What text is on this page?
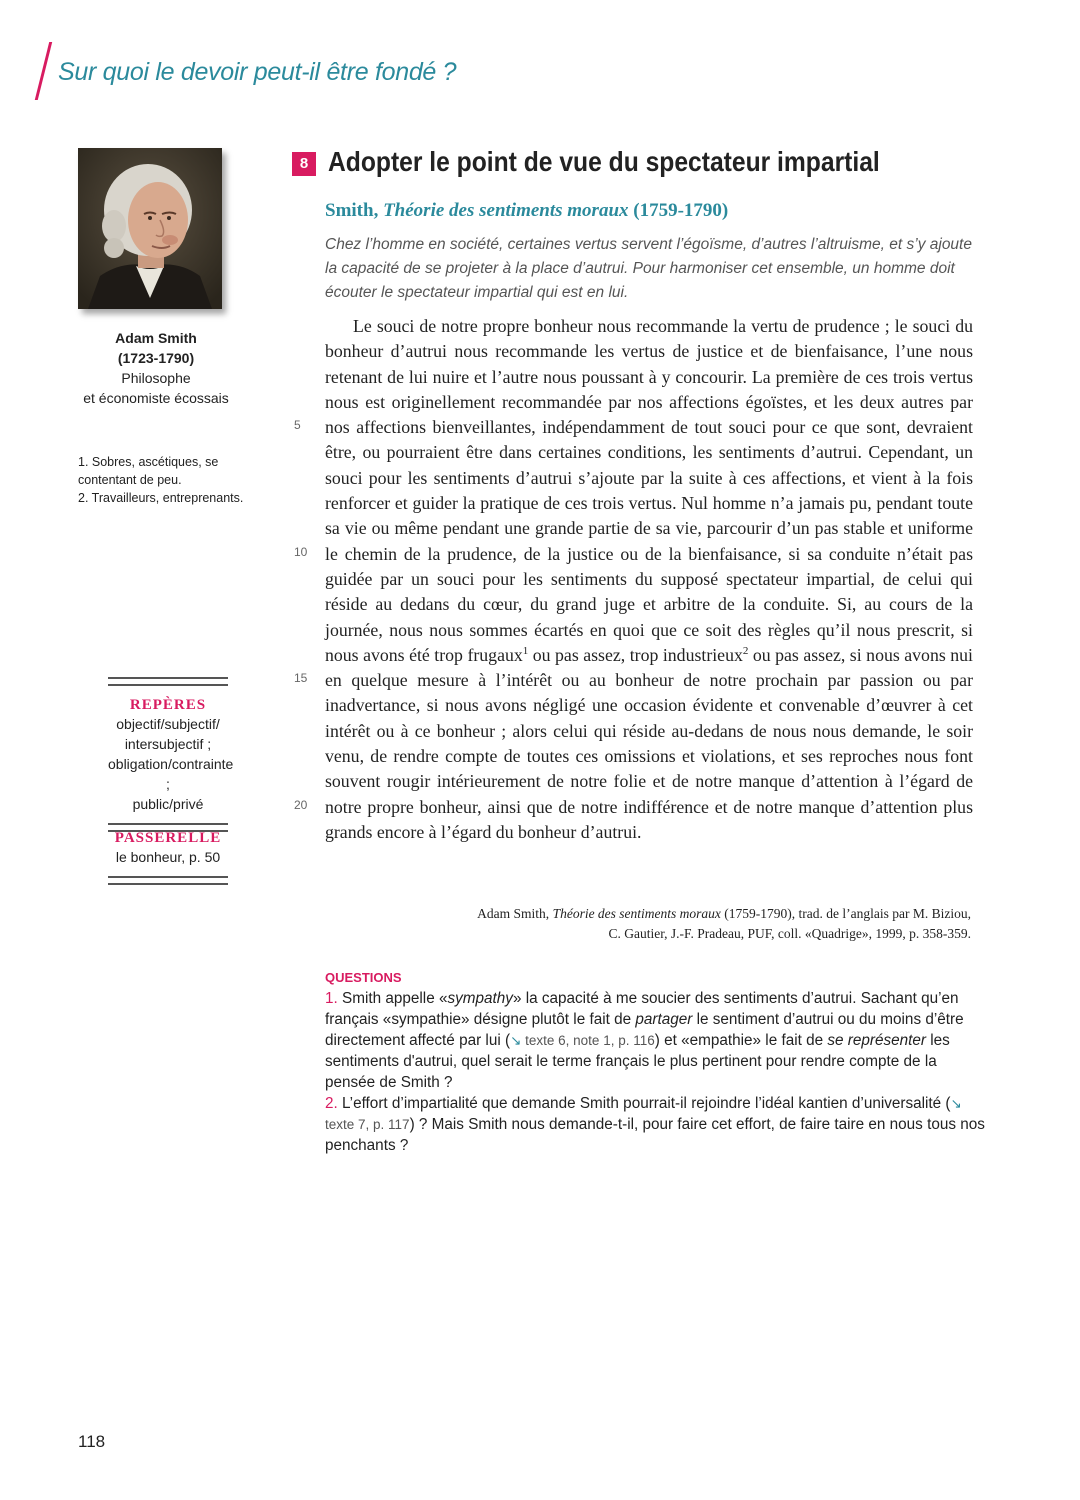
Sur quoi le devoir peut-il être fondé ?
Adam Smith
(1723-1790)
Philosophe
et économiste écossais
1. Sobres, ascétiques, se contentant de peu.
2. Travailleurs, entreprenants.
REPÈRES
objectif/subjectif/
intersubjectif ;
obligation/contrainte ;
public/privé
PASSERELLE
le bonheur, p. 50
8 Adopter le point de vue du spectateur impartial
Smith, Théorie des sentiments moraux (1759-1790)
Chez l’homme en société, certaines vertus servent l’égoïsme, d’autres l’altruisme, et s’y ajoute la capacité de se projeter à la place d’autrui. Pour harmoniser cet ensemble, un homme doit écouter le spectateur impartial qui est en lui.
Le souci de notre propre bonheur nous recommande la vertu de prudence ; le souci du bonheur d’autrui nous recommande les vertus de justice et de bienfaisance, l’une nous retenant de lui nuire et l’autre nous poussant à y concourir. La première de ces trois vertus nous est originellement recommandée par nos affections égoïstes, et les deux autres par nos affections bienveillantes, indépendamment de tout souci pour ce que sont, devraient être, ou pourraient être dans certaines conditions, les sentiments d’autrui. Cependant, un souci pour les sentiments d’autrui s’ajoute par la suite à ces affections, et vient à la fois renforcer et guider la pratique de ces trois vertus. Nul homme n’a jamais pu, pendant toute sa vie ou même pendant une grande partie de sa vie, parcourir d’un pas stable et uniforme le chemin de la prudence, de la justice ou de la bienfaisance, si sa conduite n’était pas guidée par un souci pour les sentiments du supposé spectateur impartial, de celui qui réside au dedans du cœur, du grand juge et arbitre de la conduite. Si, au cours de la journée, nous nous sommes écartés en quoi que ce soit des règles qu’il nous prescrit, si nous avons été trop frugaux$^1$ ou pas assez, trop industrieux$^2$ ou pas assez, si nous avons nui en quelque mesure à l’intérêt ou au bonheur de notre prochain par passion ou par inadvertance, si nous avons négligé une occasion évidente et convenable d’œuvrer à cet intérêt ou à ce bonheur ; alors celui qui réside au-dedans de nous nous demande, le soir venu, de rendre compte de toutes ces omissions et violations, et ses reproches nous font souvent rougir intérieurement de notre folie et de notre manque d’attention à l’égard de notre propre bonheur, ainsi que de notre indifférence et de notre manque d’attention plus grands encore à l’égard du bonheur d’autrui.
5
10
15
20
Adam Smith, Théorie des sentiments moraux (1759-1790), trad. de l’anglais par M. Biziou,
C. Gautier, J.-F. Pradeau, PUF, coll. «Quadrige», 1999, p. 358-359.
QUESTIONS
1. Smith appelle «sympathy» la capacité à me soucier des sentiments d’autrui. Sachant qu’en français «sympathie» désigne plutôt le fait de partager le sentiment d’autrui ou du moins d’être directement affecté par lui (↘ texte 6, note 1, p. 116) et «empathie» le fait de se représenter les sentiments d'autrui, quel serait le terme français le plus pertinent pour rendre compte de la pensée de Smith ?
2. L’effort d’impartialité que demande Smith pourrait-il rejoindre l’idéal kantien d’universalité (↘ texte 7, p. 117) ? Mais Smith nous demande-t-il, pour faire cet effort, de faire taire en nous tous nos penchants ?
118
